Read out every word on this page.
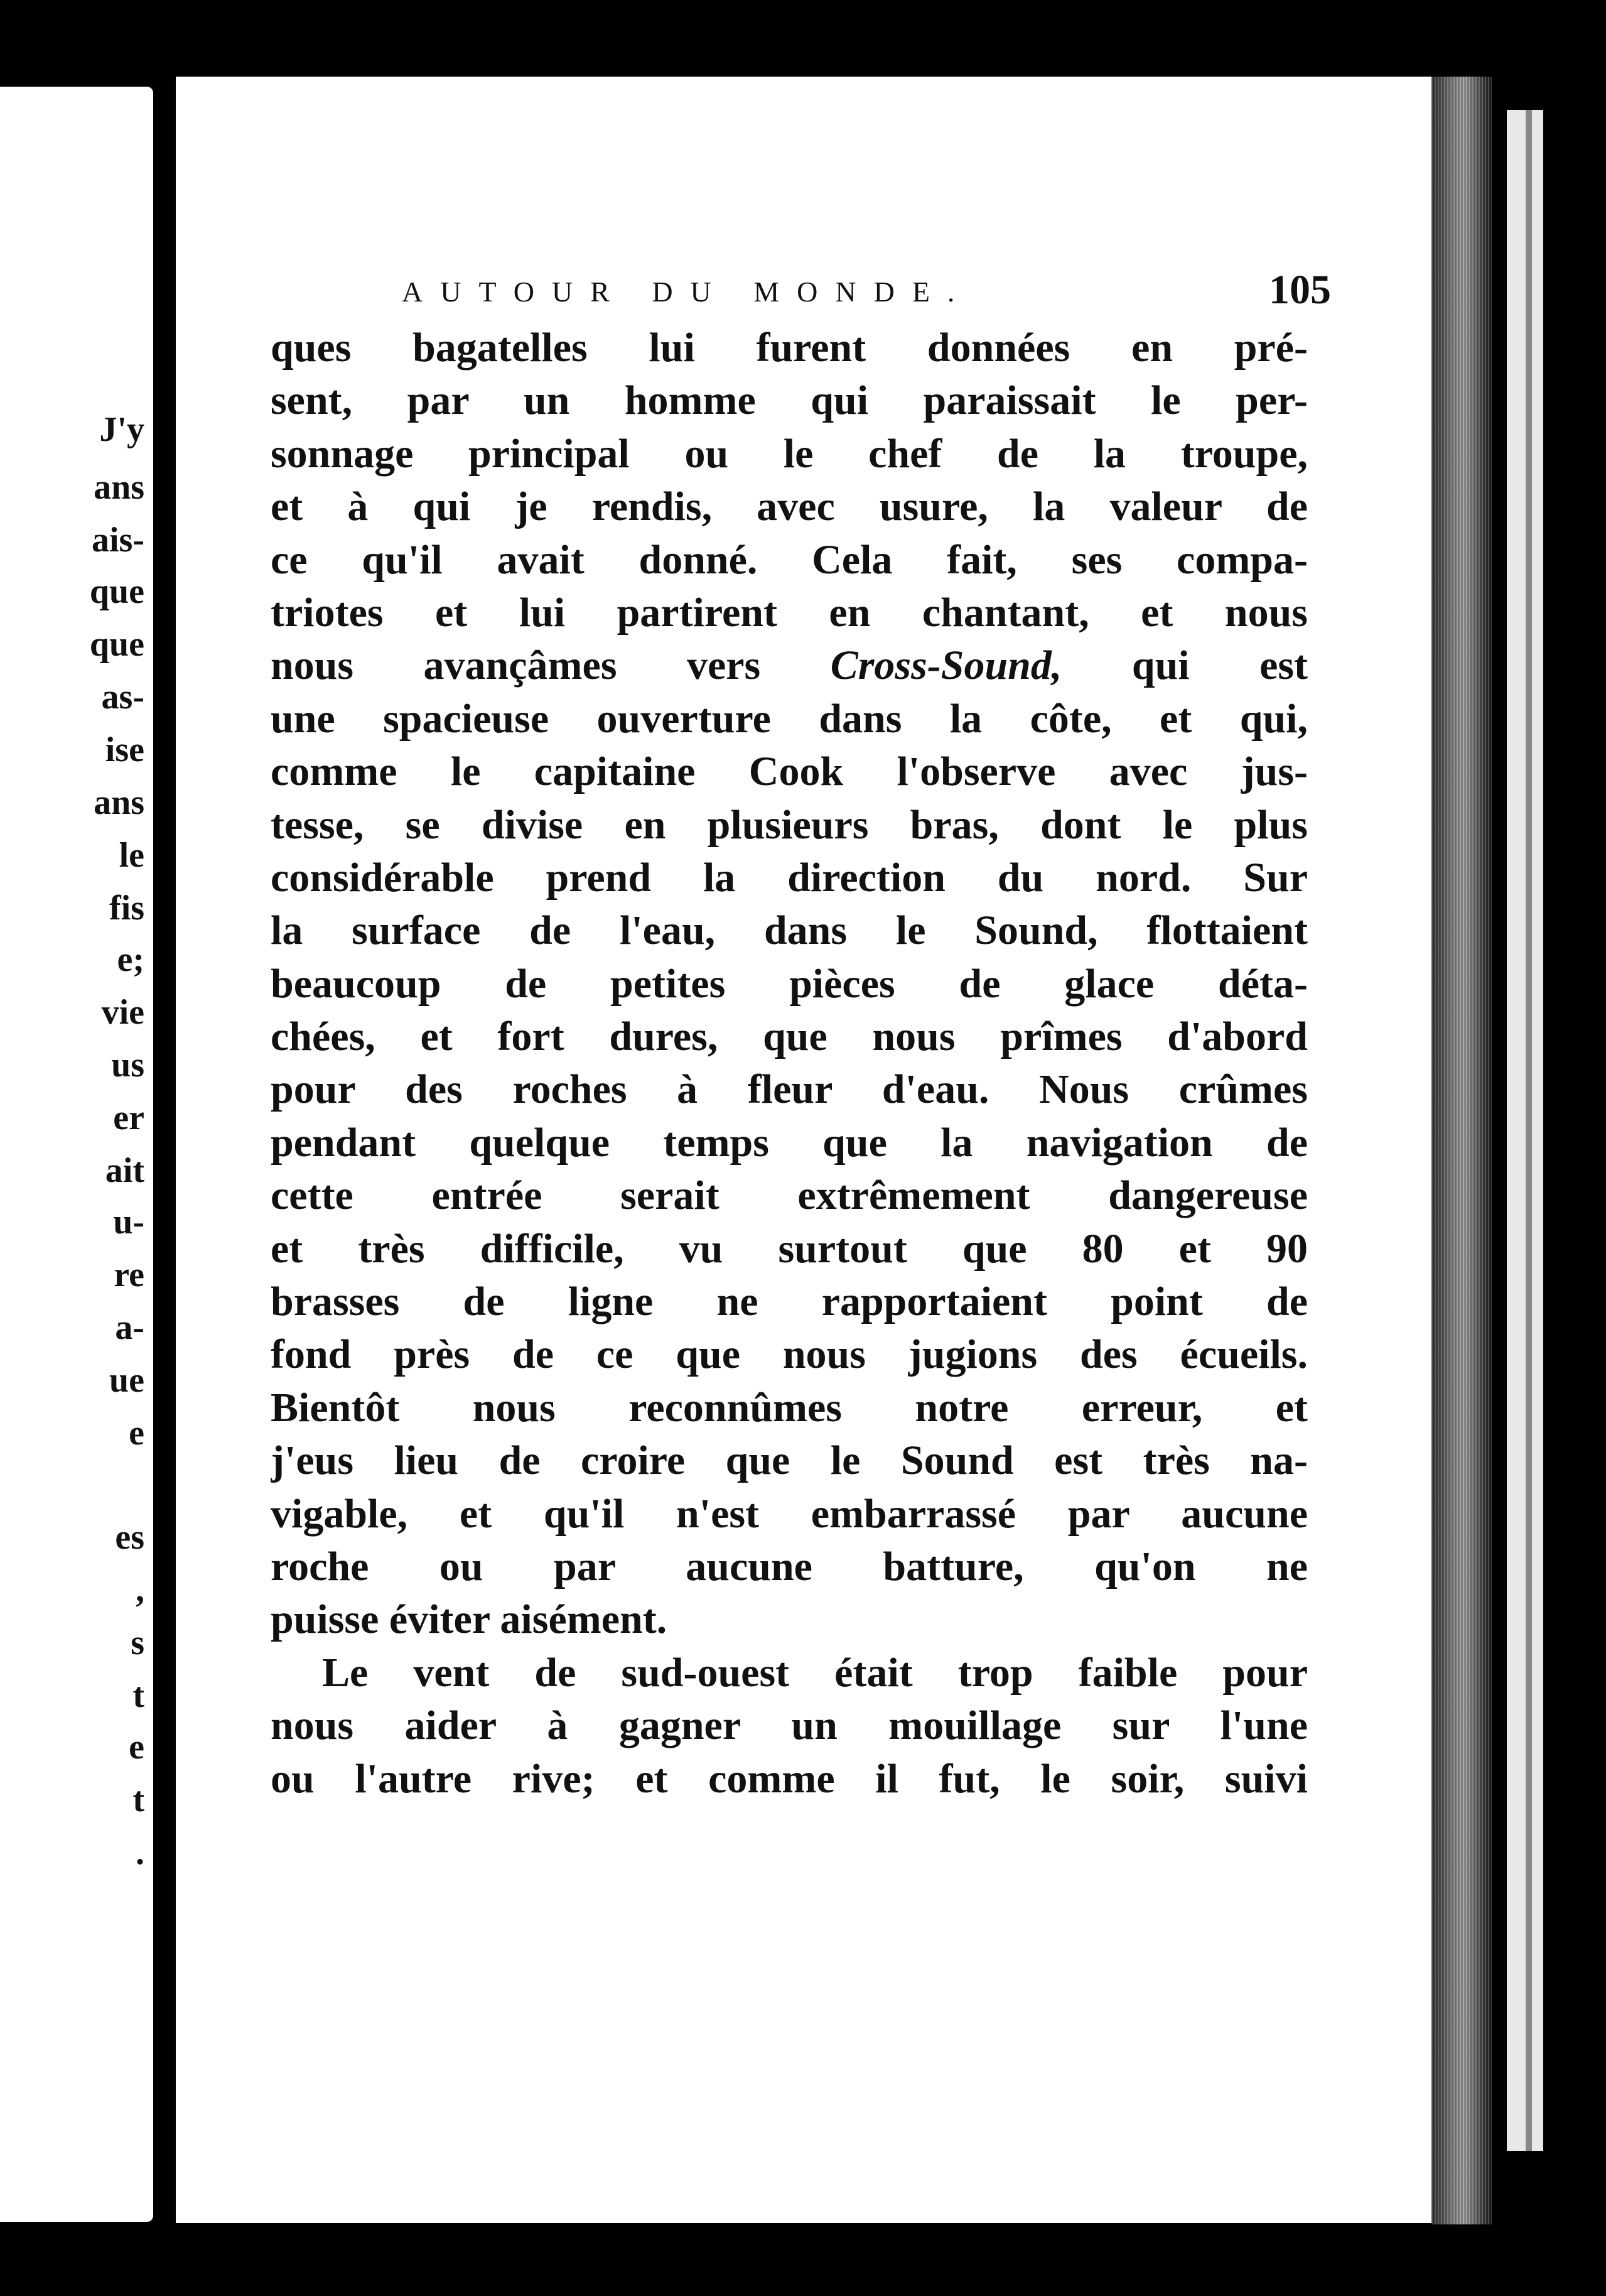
J'y
ans
ais-
que
que
as-
ise
ans
le
fis
e;
vie
us
er
ait
u-
re
a-
ue
e
es
,
s
t
e
t
.
AUTOUR DU MONDE.	105
ques bagatelles lui furent données en pré-
sent, par un homme qui paraissait le per-
sonnage principal ou le chef de la troupe,
et à qui je rendis, avec usure, la valeur de
ce qu'il avait donné. Cela fait, ses compa-
triotes et lui partirent en chantant, et nous
nous avançâmes vers Cross-Sound, qui est
une spacieuse ouverture dans la côte, et qui,
comme le capitaine Cook l'observe avec jus-
tesse, se divise en plusieurs bras, dont le plus
considérable prend la direction du nord. Sur
la surface de l'eau, dans le Sound, flottaient
beaucoup de petites pièces de glace déta-
chées, et fort dures, que nous prîmes d'abord
pour des roches à fleur d'eau. Nous crûmes
pendant quelque temps que la navigation de
cette entrée serait extrêmement dangereuse
et très difficile, vu surtout que 80 et 90
brasses de ligne ne rapportaient point de
fond près de ce que nous jugions des écueils.
Bientôt nous reconnûmes notre erreur, et
j'eus lieu de croire que le Sound est très na-
vigable, et qu'il n'est embarrassé par aucune
roche ou par aucune batture, qu'on ne
puisse éviter aisément.
Le vent de sud-ouest était trop faible pour
nous aider à gagner un mouillage sur l'une
ou l'autre rive; et comme il fut, le soir, suivi
